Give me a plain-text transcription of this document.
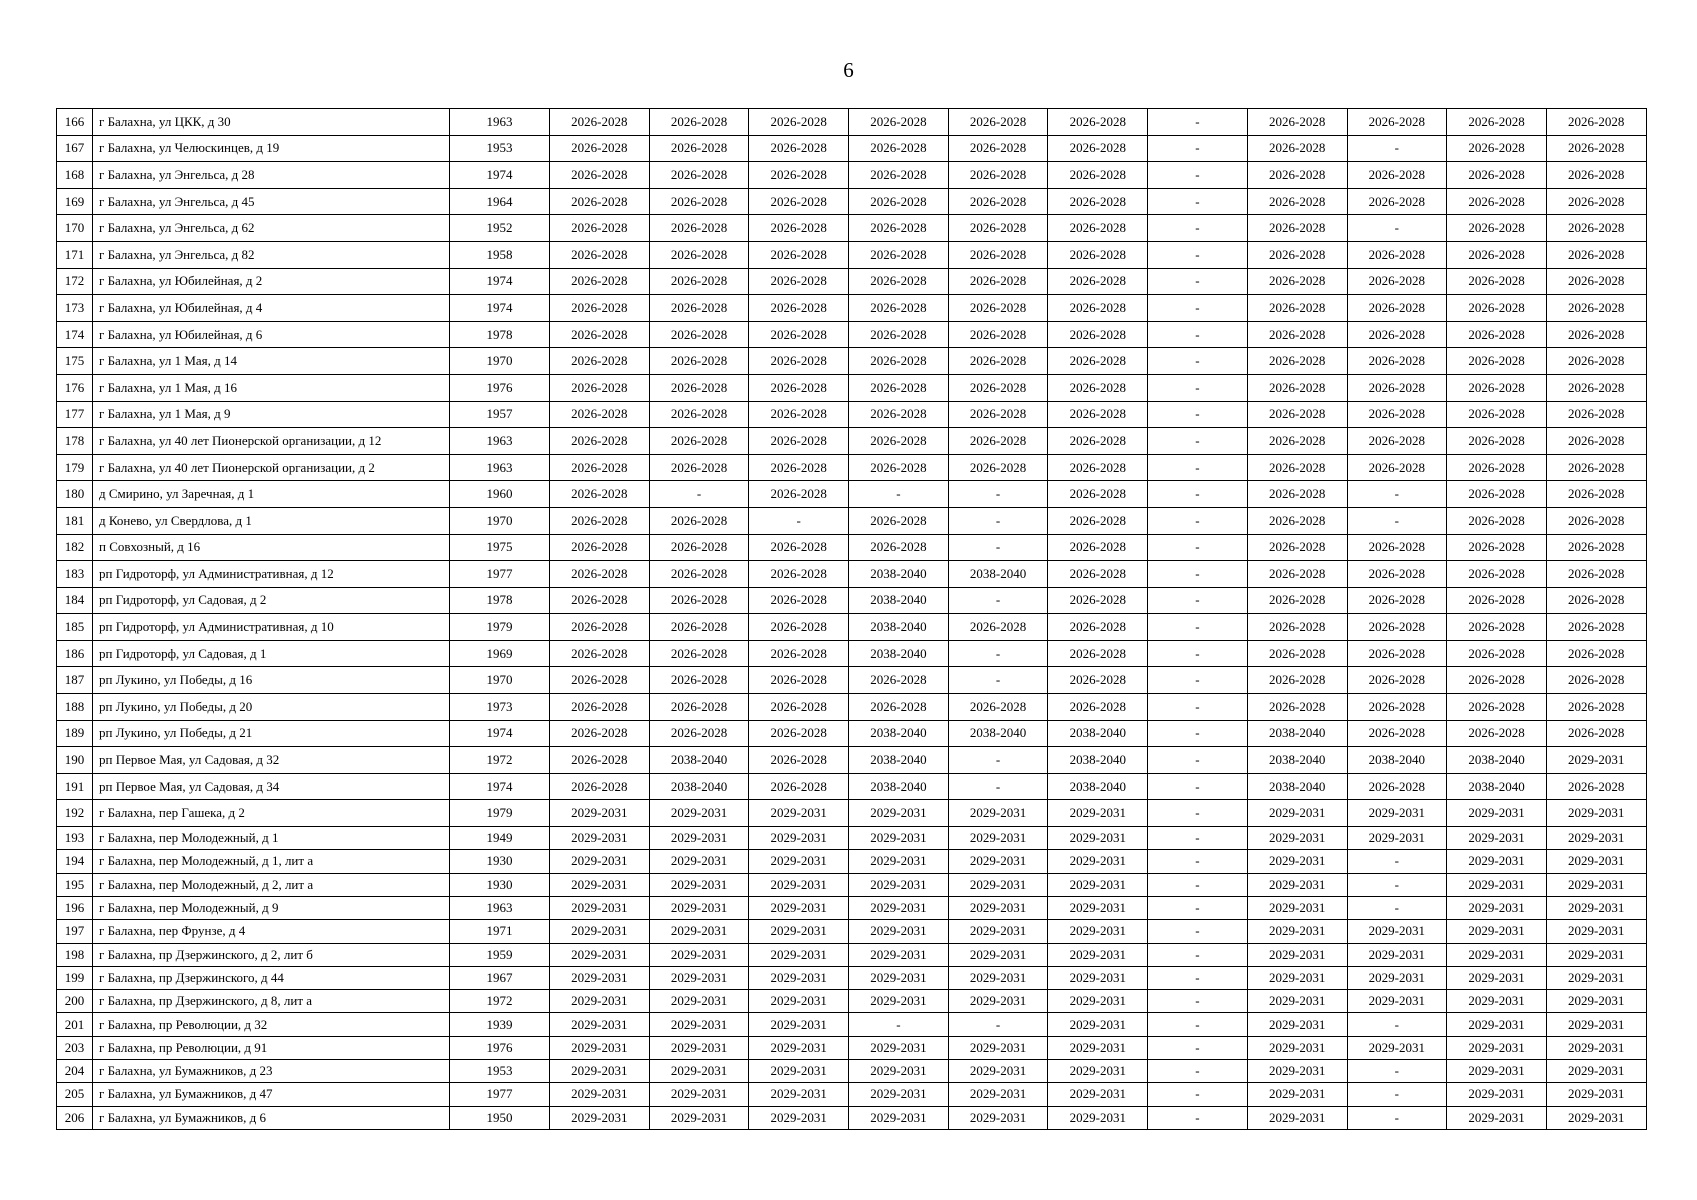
6
166	г Балахна, ул ЦКК, д 30	1963	2026-2028	2026-2028	2026-2028	2026-2028	2026-2028	2026-2028	-	2026-2028	2026-2028	2026-2028	2026-2028
167	г Балахна, ул Челюскинцев, д 19	1953	2026-2028	2026-2028	2026-2028	2026-2028	2026-2028	2026-2028	-	2026-2028	-	2026-2028	2026-2028
168	г Балахна, ул Энгельса, д 28	1974	2026-2028	2026-2028	2026-2028	2026-2028	2026-2028	2026-2028	-	2026-2028	2026-2028	2026-2028	2026-2028
169	г Балахна, ул Энгельса, д 45	1964	2026-2028	2026-2028	2026-2028	2026-2028	2026-2028	2026-2028	-	2026-2028	2026-2028	2026-2028	2026-2028
170	г Балахна, ул Энгельса, д 62	1952	2026-2028	2026-2028	2026-2028	2026-2028	2026-2028	2026-2028	-	2026-2028	-	2026-2028	2026-2028
171	г Балахна, ул Энгельса, д 82	1958	2026-2028	2026-2028	2026-2028	2026-2028	2026-2028	2026-2028	-	2026-2028	2026-2028	2026-2028	2026-2028
172	г Балахна, ул Юбилейная, д 2	1974	2026-2028	2026-2028	2026-2028	2026-2028	2026-2028	2026-2028	-	2026-2028	2026-2028	2026-2028	2026-2028
173	г Балахна, ул Юбилейная, д 4	1974	2026-2028	2026-2028	2026-2028	2026-2028	2026-2028	2026-2028	-	2026-2028	2026-2028	2026-2028	2026-2028
174	г Балахна, ул Юбилейная, д 6	1978	2026-2028	2026-2028	2026-2028	2026-2028	2026-2028	2026-2028	-	2026-2028	2026-2028	2026-2028	2026-2028
175	г Балахна, ул 1 Мая, д 14	1970	2026-2028	2026-2028	2026-2028	2026-2028	2026-2028	2026-2028	-	2026-2028	2026-2028	2026-2028	2026-2028
176	г Балахна, ул 1 Мая, д 16	1976	2026-2028	2026-2028	2026-2028	2026-2028	2026-2028	2026-2028	-	2026-2028	2026-2028	2026-2028	2026-2028
177	г Балахна, ул 1 Мая, д 9	1957	2026-2028	2026-2028	2026-2028	2026-2028	2026-2028	2026-2028	-	2026-2028	2026-2028	2026-2028	2026-2028
178	г Балахна, ул 40 лет Пионерской организации, д 12	1963	2026-2028	2026-2028	2026-2028	2026-2028	2026-2028	2026-2028	-	2026-2028	2026-2028	2026-2028	2026-2028
179	г Балахна, ул 40 лет Пионерской организации, д 2	1963	2026-2028	2026-2028	2026-2028	2026-2028	2026-2028	2026-2028	-	2026-2028	2026-2028	2026-2028	2026-2028
180	д Смирино, ул Заречная, д 1	1960	2026-2028	-	2026-2028	-	-	2026-2028	-	2026-2028	-	2026-2028	2026-2028
181	д Конево, ул Свердлова, д 1	1970	2026-2028	2026-2028	-	2026-2028	-	2026-2028	-	2026-2028	-	2026-2028	2026-2028
182	п Совхозный, д 16	1975	2026-2028	2026-2028	2026-2028	2026-2028	-	2026-2028	-	2026-2028	2026-2028	2026-2028	2026-2028
183	рп Гидроторф, ул Административная, д 12	1977	2026-2028	2026-2028	2026-2028	2038-2040	2038-2040	2026-2028	-	2026-2028	2026-2028	2026-2028	2026-2028
184	рп Гидроторф, ул Садовая, д 2	1978	2026-2028	2026-2028	2026-2028	2038-2040	-	2026-2028	-	2026-2028	2026-2028	2026-2028	2026-2028
185	рп Гидроторф, ул Административная, д 10	1979	2026-2028	2026-2028	2026-2028	2038-2040	2026-2028	2026-2028	-	2026-2028	2026-2028	2026-2028	2026-2028
186	рп Гидроторф, ул Садовая, д 1	1969	2026-2028	2026-2028	2026-2028	2038-2040	-	2026-2028	-	2026-2028	2026-2028	2026-2028	2026-2028
187	рп Лукино, ул Победы, д 16	1970	2026-2028	2026-2028	2026-2028	2026-2028	-	2026-2028	-	2026-2028	2026-2028	2026-2028	2026-2028
188	рп Лукино, ул Победы, д 20	1973	2026-2028	2026-2028	2026-2028	2026-2028	2026-2028	2026-2028	-	2026-2028	2026-2028	2026-2028	2026-2028
189	рп Лукино, ул Победы, д 21	1974	2026-2028	2026-2028	2026-2028	2038-2040	2038-2040	2038-2040	-	2038-2040	2026-2028	2026-2028	2026-2028
190	рп Первое Мая, ул Садовая, д 32	1972	2026-2028	2038-2040	2026-2028	2038-2040	-	2038-2040	-	2038-2040	2038-2040	2038-2040	2029-2031
191	рп Первое Мая, ул Садовая, д 34	1974	2026-2028	2038-2040	2026-2028	2038-2040	-	2038-2040	-	2038-2040	2026-2028	2038-2040	2026-2028
192	г Балахна, пер Гашека, д 2	1979	2029-2031	2029-2031	2029-2031	2029-2031	2029-2031	2029-2031	-	2029-2031	2029-2031	2029-2031	2029-2031
193	г Балахна, пер Молодежный, д 1	1949	2029-2031	2029-2031	2029-2031	2029-2031	2029-2031	2029-2031	-	2029-2031	2029-2031	2029-2031	2029-2031
194	г Балахна, пер Молодежный, д 1, лит а	1930	2029-2031	2029-2031	2029-2031	2029-2031	2029-2031	2029-2031	-	2029-2031	-	2029-2031	2029-2031
195	г Балахна, пер Молодежный, д 2, лит а	1930	2029-2031	2029-2031	2029-2031	2029-2031	2029-2031	2029-2031	-	2029-2031	-	2029-2031	2029-2031
196	г Балахна, пер Молодежный, д 9	1963	2029-2031	2029-2031	2029-2031	2029-2031	2029-2031	2029-2031	-	2029-2031	-	2029-2031	2029-2031
197	г Балахна, пер Фрунзе, д 4	1971	2029-2031	2029-2031	2029-2031	2029-2031	2029-2031	2029-2031	-	2029-2031	2029-2031	2029-2031	2029-2031
198	г Балахна, пр Дзержинского, д 2, лит б	1959	2029-2031	2029-2031	2029-2031	2029-2031	2029-2031	2029-2031	-	2029-2031	2029-2031	2029-2031	2029-2031
199	г Балахна, пр Дзержинского, д 44	1967	2029-2031	2029-2031	2029-2031	2029-2031	2029-2031	2029-2031	-	2029-2031	2029-2031	2029-2031	2029-2031
200	г Балахна, пр Дзержинского, д 8, лит а	1972	2029-2031	2029-2031	2029-2031	2029-2031	2029-2031	2029-2031	-	2029-2031	2029-2031	2029-2031	2029-2031
201	г Балахна, пр Революции, д 32	1939	2029-2031	2029-2031	2029-2031	-	-	2029-2031	-	2029-2031	-	2029-2031	2029-2031
203	г Балахна, пр Революции, д 91	1976	2029-2031	2029-2031	2029-2031	2029-2031	2029-2031	2029-2031	-	2029-2031	2029-2031	2029-2031	2029-2031
204	г Балахна, ул Бумажников, д 23	1953	2029-2031	2029-2031	2029-2031	2029-2031	2029-2031	2029-2031	-	2029-2031	-	2029-2031	2029-2031
205	г Балахна, ул Бумажников, д 47	1977	2029-2031	2029-2031	2029-2031	2029-2031	2029-2031	2029-2031	-	2029-2031	-	2029-2031	2029-2031
206	г Балахна, ул Бумажников, д 6	1950	2029-2031	2029-2031	2029-2031	2029-2031	2029-2031	2029-2031	-	2029-2031	-	2029-2031	2029-2031
